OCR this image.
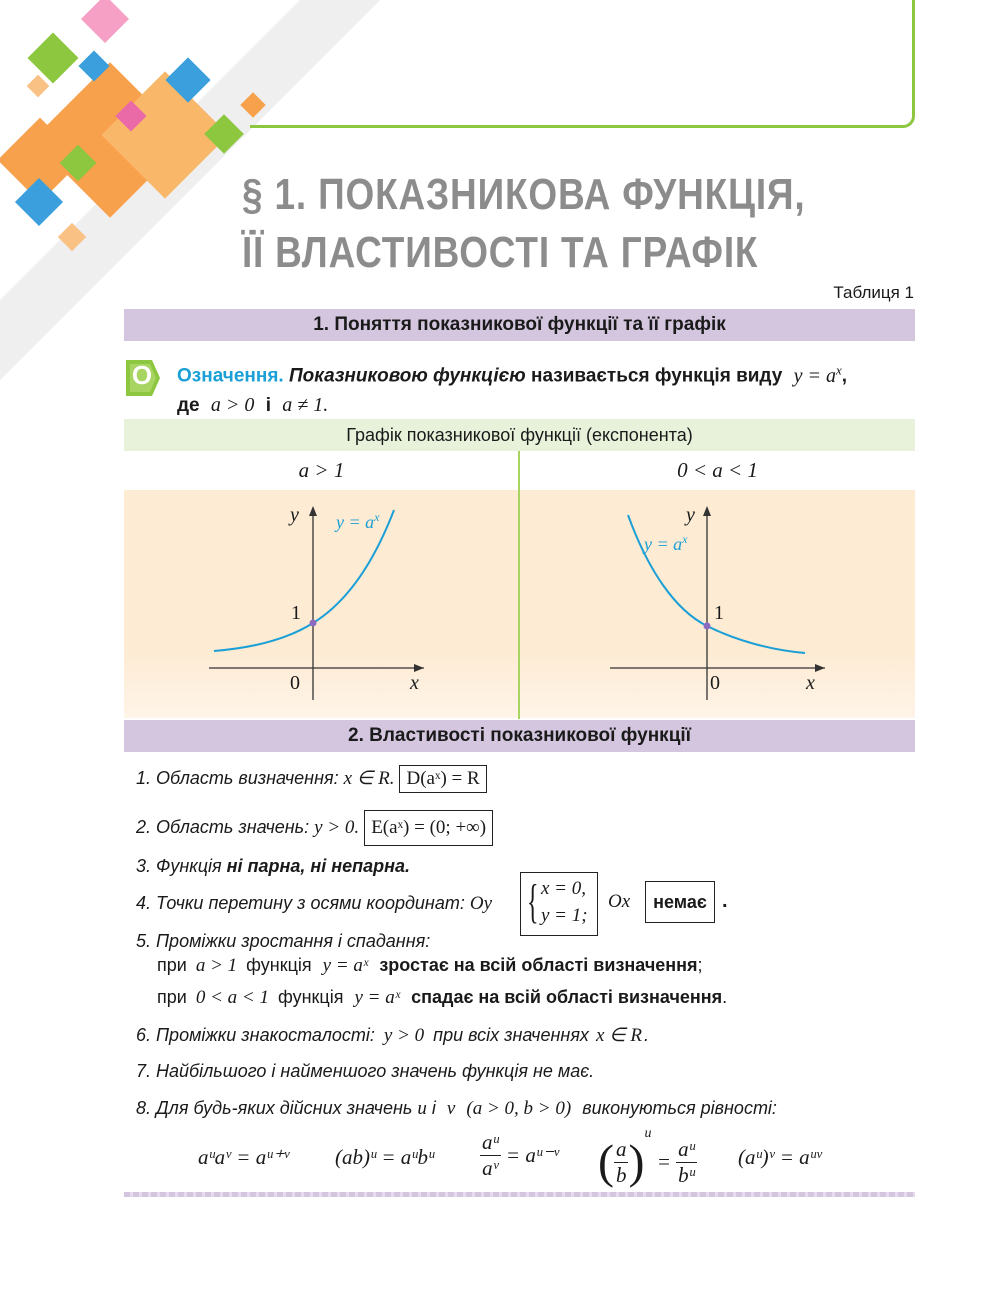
§ 1. ПОКАЗНИКОВА ФУНКЦІЯ,
ЇЇ ВЛАСТИВОСТІ ТА ГРАФІК
Таблиця 1
1. Поняття показникової функції та її графік
О Означення. Показниковою функцією називається функція виду $y = a^x$,
де a > 0 і a ≠ 1.
Графік показникової функції (експонента)
a > 1	0 < a < 1
y
x
0
1
$y = a^x$	y
x
0
1
$y = a^x$
2. Властивості показникової функції
1. Область визначення: x ∈ R. D(aˣ) = R
2. Область значень: y > 0. E(aˣ) = (0; +∞)
3. Функція ні парна, ні непарна.
4. Точки перетину з осями координат: Oy { x = 0,
y = 1;
Ox	немає .
5. Проміжки зростання і спадання:
при a > 1 функція y = aˣ зростає на всій області визначення;
при 0 < a < 1 функція y = aˣ спадає на всій області визначення.
6. Проміжки знакосталості: y > 0 при всіх значеннях x ∈ R .
7. Найбільшого і найменшого значень функція не має.
8. Для будь-яких дійсних значень u і v (a > 0, b > 0) виконуються рівності:
aᵘaᵛ = aᵘ⁺ᵛ (ab)ᵘ = aᵘbᵘ $\frac{\text{aᵘ}}{\text{aᵛ}}$ = aᵘ⁻ᵛ ( $\frac{a}{b} )^u = \frac{\text{aᵘ}}{\text{bᵘ}}$ (aᵘ)ᵛ = aᵘᵛ
